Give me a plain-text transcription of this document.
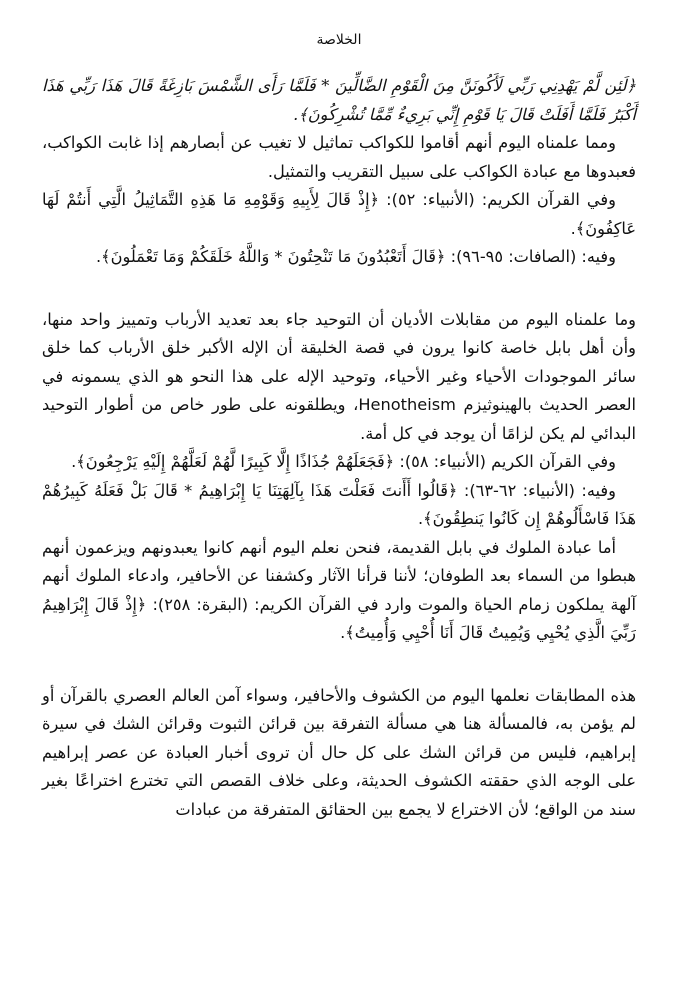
الخلاصة

﴿لَئِن لَّمْ يَهْدِنِي رَبِّي لَأَكُونَنَّ مِنَ الْقَوْمِ الضَّالِّينَ * فَلَمَّا رَأَى الشَّمْسَ بَازِغَةً قَالَ هَذَا رَبِّي هَذَا أَكْبَرُ فَلَمَّا أَفَلَتْ قَالَ يَا قَوْمِ إِنِّي بَرِيءٌ مِّمَّا تُشْرِكُونَ﴾.

ومما علمناه اليوم أنهم أقاموا للكواكب تماثيل لا تغيب عن أبصارهم إذا غابت الكواكب، فعبدوها مع عبادة الكواكب على سبيل التقريب والتمثيل.

وفي القرآن الكريم: (الأنبياء: ٥٢): ﴿إِذْ قَالَ لِأَبِيهِ وَقَوْمِهِ مَا هَذِهِ التَّمَاثِيلُ الَّتِي أَنتُمْ لَهَا عَاكِفُونَ﴾.

وفيه: (الصافات: ٩٥-٩٦): ﴿قَالَ أَتَعْبُدُونَ مَا تَنْحِتُونَ * وَاللَّهُ خَلَقَكُمْ وَمَا تَعْمَلُونَ﴾.

وما علمناه اليوم من مقابلات الأديان أن التوحيد جاء بعد تعديد الأرباب وتمييز واحد منها، وأن أهل بابل خاصة كانوا يرون في قصة الخليقة أن الإله الأكبر خلق الأرباب كما خلق سائر الموجودات الأحياء وغير الأحياء، وتوحيد الإله على هذا النحو هو الذي يسمونه في العصر الحديث بالهينوثيزم Henotheism، ويطلقونه على طور خاص من أطوار التوحيد البدائي لم يكن لزامًا أن يوجد في كل أمة.

وفي القرآن الكريم (الأنبياء: ٥٨): ﴿فَجَعَلَهُمْ جُذَاذًا إِلَّا كَبِيرًا لَّهُمْ لَعَلَّهُمْ إِلَيْهِ يَرْجِعُونَ﴾.

وفيه: (الأنبياء: ٦٢-٦٣): ﴿قَالُوا أَأَنتَ فَعَلْتَ هَذَا بِآلِهَتِنَا يَا إِبْرَاهِيمُ * قَالَ بَلْ فَعَلَهُ كَبِيرُهُمْ هَذَا فَاسْأَلُوهُمْ إِن كَانُوا يَنطِقُونَ﴾.

أما عبادة الملوك في بابل القديمة، فنحن نعلم اليوم أنهم كانوا يعبدونهم ويزعمون أنهم هبطوا من السماء بعد الطوفان؛ لأننا قرأنا الآثار وكشفنا عن الأحافير، وادعاء الملوك أنهم آلهة يملكون زمام الحياة والموت وارد في القرآن الكريم: (البقرة: ٢٥٨): ﴿إِذْ قَالَ إِبْرَاهِيمُ رَبِّيَ الَّذِي يُحْيِي وَيُمِيتُ قَالَ أَنَا أُحْيِي وَأُمِيتُ﴾.

هذه المطابقات نعلمها اليوم من الكشوف والأحافير، وسواء آمن العالم العصري بالقرآن أو لم يؤمن به، فالمسألة هنا هي مسألة التفرقة بين قرائن الثبوت وقرائن الشك في سيرة إبراهيم، فليس من قرائن الشك على كل حال أن تروى أخبار العبادة عن عصر إبراهيم على الوجه الذي حققته الكشوف الحديثة، وعلى خلاف القصص التي تخترع اختراعًا بغير سند من الواقع؛ لأن الاختراع لا يجمع بين الحقائق المتفرقة من عبادات
